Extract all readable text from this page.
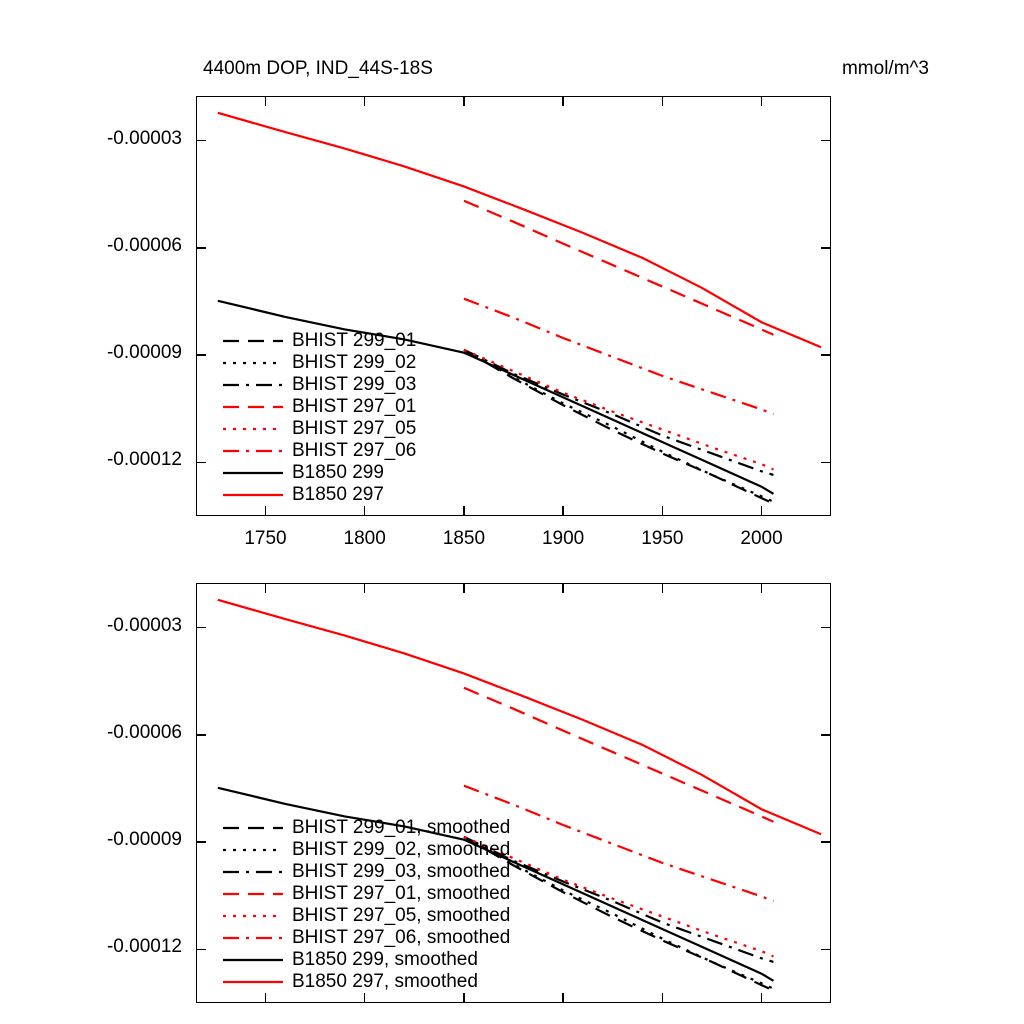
4400m DOP, IND_44S-18S	mmol/m^3
-0.00003
-0.00006
-0.00009
-0.00012
1750	1800	1850	1900	1950	2000
BHIST 299_01
BHIST 299_02
BHIST 299_03
BHIST 297_01
BHIST 297_05
BHIST 297_06
B1850 299
B1850 297
-0.00003
-0.00006
-0.00009
-0.00012
BHIST 299_01, smoothed
BHIST 299_02, smoothed
BHIST 299_03, smoothed
BHIST 297_01, smoothed
BHIST 297_05, smoothed
BHIST 297_06, smoothed
B1850 299, smoothed
B1850 297, smoothed
